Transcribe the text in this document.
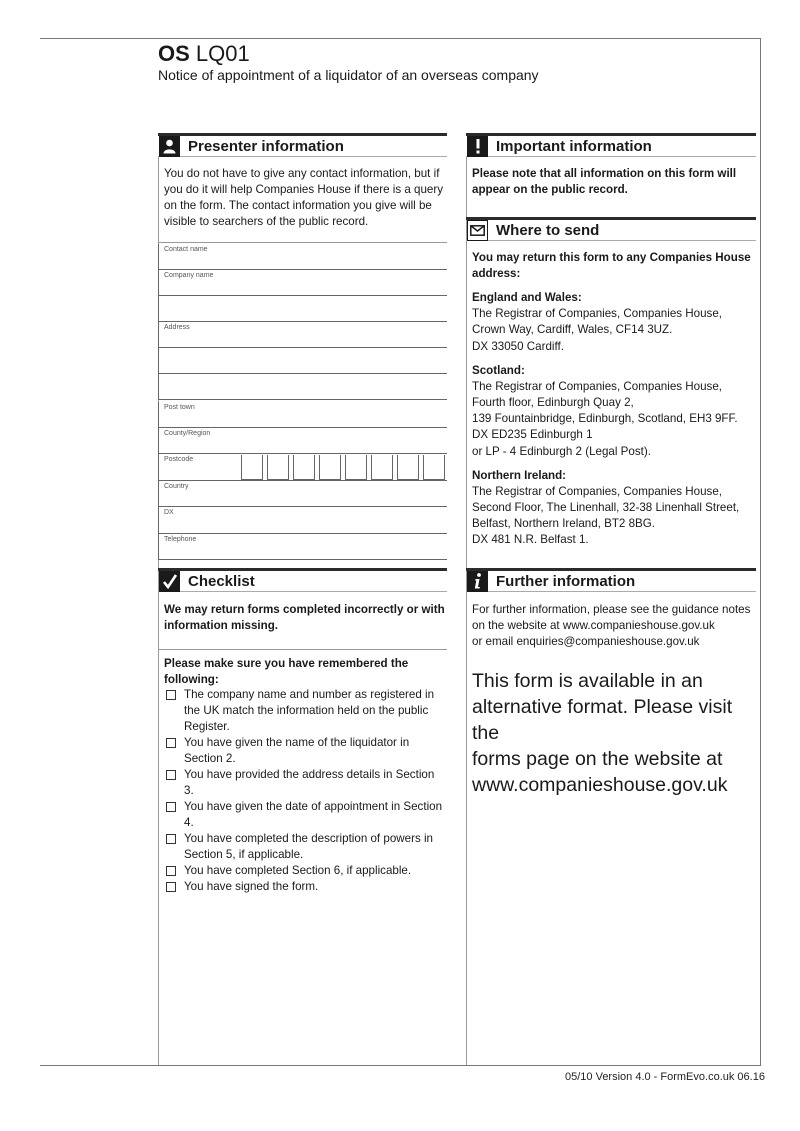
OS LQ01
Notice of appointment of a liquidator of an overseas company
Presenter information
You do not have to give any contact information, but if you do it will help Companies House if there is a query on the form. The contact information you give will be visible to searchers of the public record.
Contact name
Company name
Address
Post town
County/Region
Postcode
Country
DX
Telephone
Checklist
We may return forms completed incorrectly or with information missing.
Please make sure you have remembered the following:
The company name and number as registered in the UK match the information held on the public Register.
You have given the name of the liquidator in Section 2.
You have provided the address details in Section 3.
You have given the date of appointment in Section 4.
You have completed the description of powers in Section 5, if applicable.
You have completed Section 6, if applicable.
You have signed the form.
Important information
Please note that all information on this form will appear on the public record.
Where to send
You may return this form to any Companies House address:
England and Wales:
The Registrar of Companies, Companies House,
Crown Way, Cardiff, Wales, CF14 3UZ.
DX 33050 Cardiff.
Scotland:
The Registrar of Companies, Companies House,
Fourth floor, Edinburgh Quay 2,
139 Fountainbridge, Edinburgh, Scotland, EH3 9FF.
DX ED235 Edinburgh 1
or LP - 4 Edinburgh 2 (Legal Post).
Northern Ireland:
The Registrar of Companies, Companies House,
Second Floor, The Linenhall, 32-38 Linenhall Street,
Belfast, Northern Ireland, BT2 8BG.
DX 481 N.R. Belfast 1.
Further information
For further information, please see the guidance notes
on the website at www.companieshouse.gov.uk
or email enquiries@companieshouse.gov.uk
This form is available in an
alternative format. Please visit the
forms page on the website at
www.companieshouse.gov.uk
05/10 Version 4.0 - FormEvo.co.uk 06.16
